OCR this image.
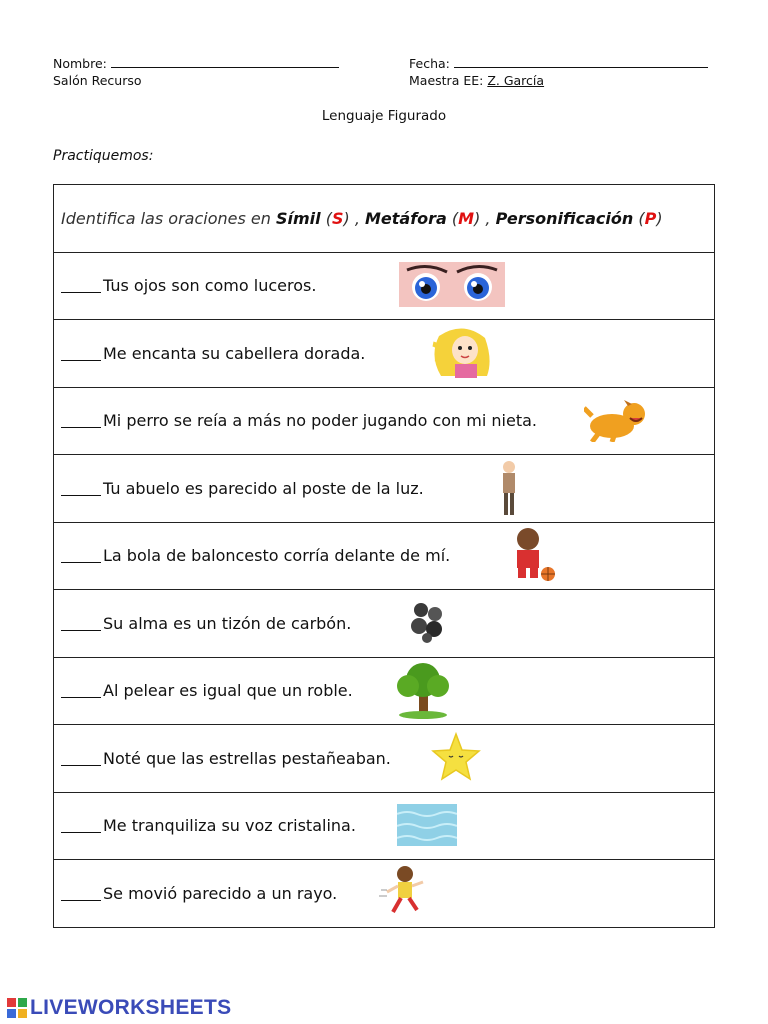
Nombre:
Salón Recurso
Fecha:
Maestra EE: Z. García
Lenguaje Figurado
Practiquemos:
Identifica las oraciones en
Símil ( S ) , Metáfora ( M ) , Personificación ( P )
Tus ojos son como luceros.
Me encanta su cabellera dorada.
Mi perro se reía a más no poder jugando con mi nieta.
Tu abuelo es parecido al poste de la luz.
La bola de baloncesto corría delante de mí.
Su alma es un tizón de carbón.
Al pelear es igual que un roble.
Noté que las estrellas pestañeaban.
Me tranquiliza su voz cristalina.
Se movió parecido a un rayo.
LIVEWORKSHEETS
